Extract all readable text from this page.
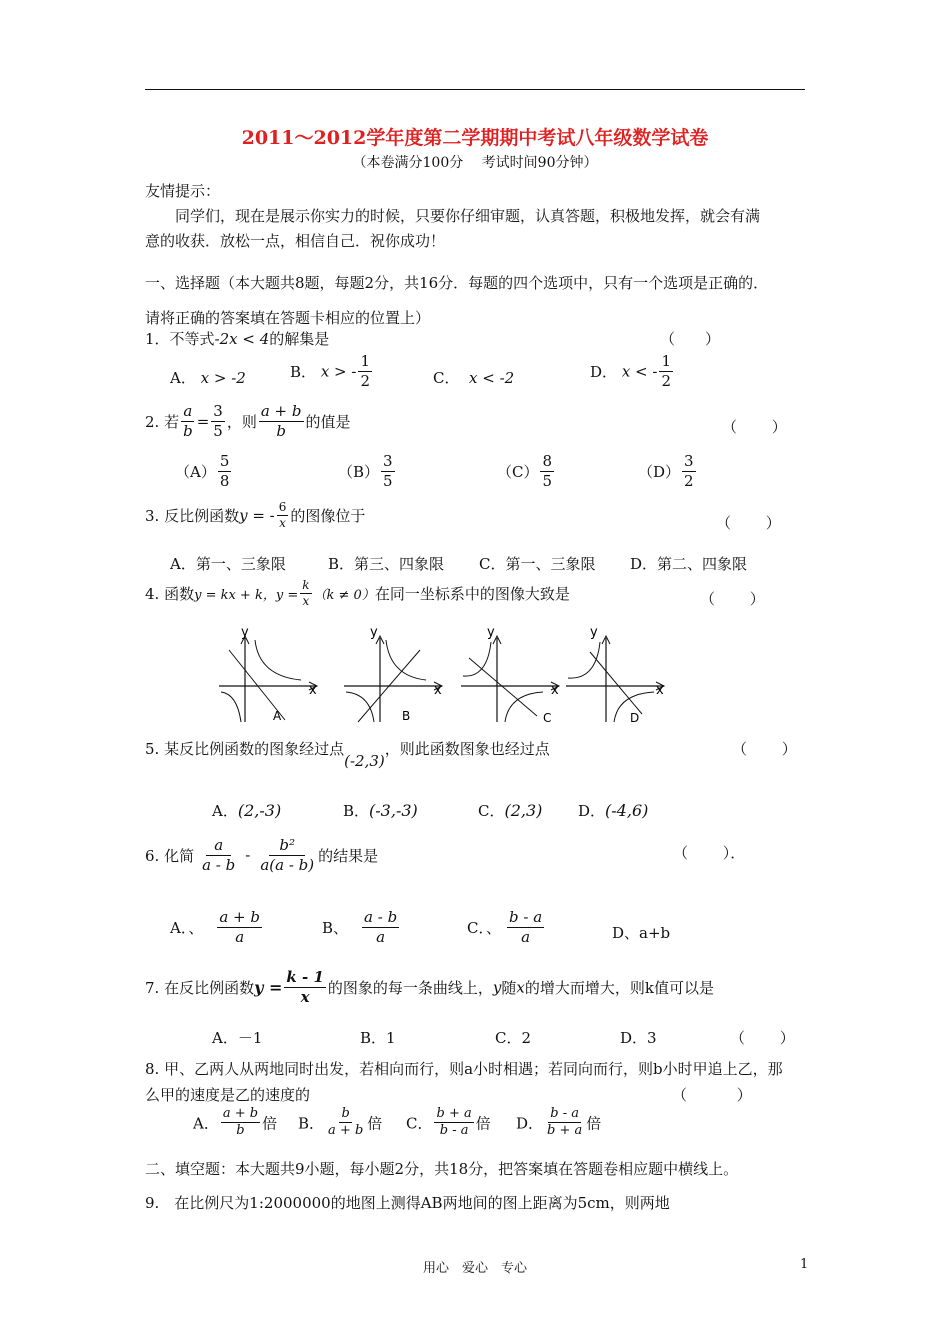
2011～2012学年度第二学期期中考试八年级数学试卷
（本卷满分100分　 考试时间90分钟）
友情提示：
同学们，现在是展示你实力的时候，只要你仔细审题，认真答题，积极地发挥，就会有满
意的收获．放松一点，相信自己．祝你成功！
一、选择题（本大题共8题，每题2分，共16分．每题的四个选项中，只有一个选项是正确的．
请将正确的答案填在答题卡相应的位置上）
1．不等式-2x < 4的解集是	（　　）
A． x > -2	B． x > - $\frac{1}{2}$	C． x < -2	D． x < - $\frac{1}{2}$
2. 若 $\frac{a}{b} = \frac{3}{5}$ ，则 $\frac{a + b}{b}$ 的值是	（　　 ）
$(A) \frac{5}{8}$	$(B) \frac{3}{5}$	$(C) \frac{8}{5}$	$(D) \frac{3}{2}$
3. 反比例函数y = - $\frac{6}{x}$ 的图像位于	（　　 ）
A．第一、三象限	B．第三、四象限 C．第一、三象限 D．第二、四象限
4. 函数y = kx + k，$y = \frac{k}{x} (k \ne 0)$在同一坐标系中的图像大致是	（　　 ）
y
x
A
y
x
B
y
x
C
y
x
D
5. 某反比例函数的图象经过点(-2,3)，则此函数图象也经过点	（　　 ）
A．(2,-3)	B．(-3,-3)	C．(2,3) D．(-4,6)
6. 化简 $\frac{a}{a - b} - \frac{\text{b²}}{a(a - b)}$ 的结果是	（　　 ）．
A．、 $\frac{a + b}{a}$	B、 $\frac{a - b}{a}$	C．、 $\frac{b - a}{a}$	D、a+b
7. 在反比例函数$y = \frac{k - 1}{x}$ 的图象的每一条曲线上，y随x的增大而增大，则k值可以是
A．－1	B．1	C．2	D．3	（　　 ）
8. 甲、乙两人从两地同时出发，若相向而行，则a小时相遇；若同向而行，则b小时甲追上乙，那
么甲的速度是乙的速度的	（　　　 ）
A． $\frac{a + b}{b}$ 倍 B． $\frac{b}{a + b}$ 倍 C． $\frac{b + a}{b - a}$ 倍 D． $\frac{b - a}{b + a}$ 倍
二、填空题：本大题共9小题，每小题2分，共18分，把答案填在答题卷相应题中横线上。
9.　在比例尺为1:2000000的地图上测得AB两地间的图上距离为5cm，则两地
用心　爱心　专心	1
